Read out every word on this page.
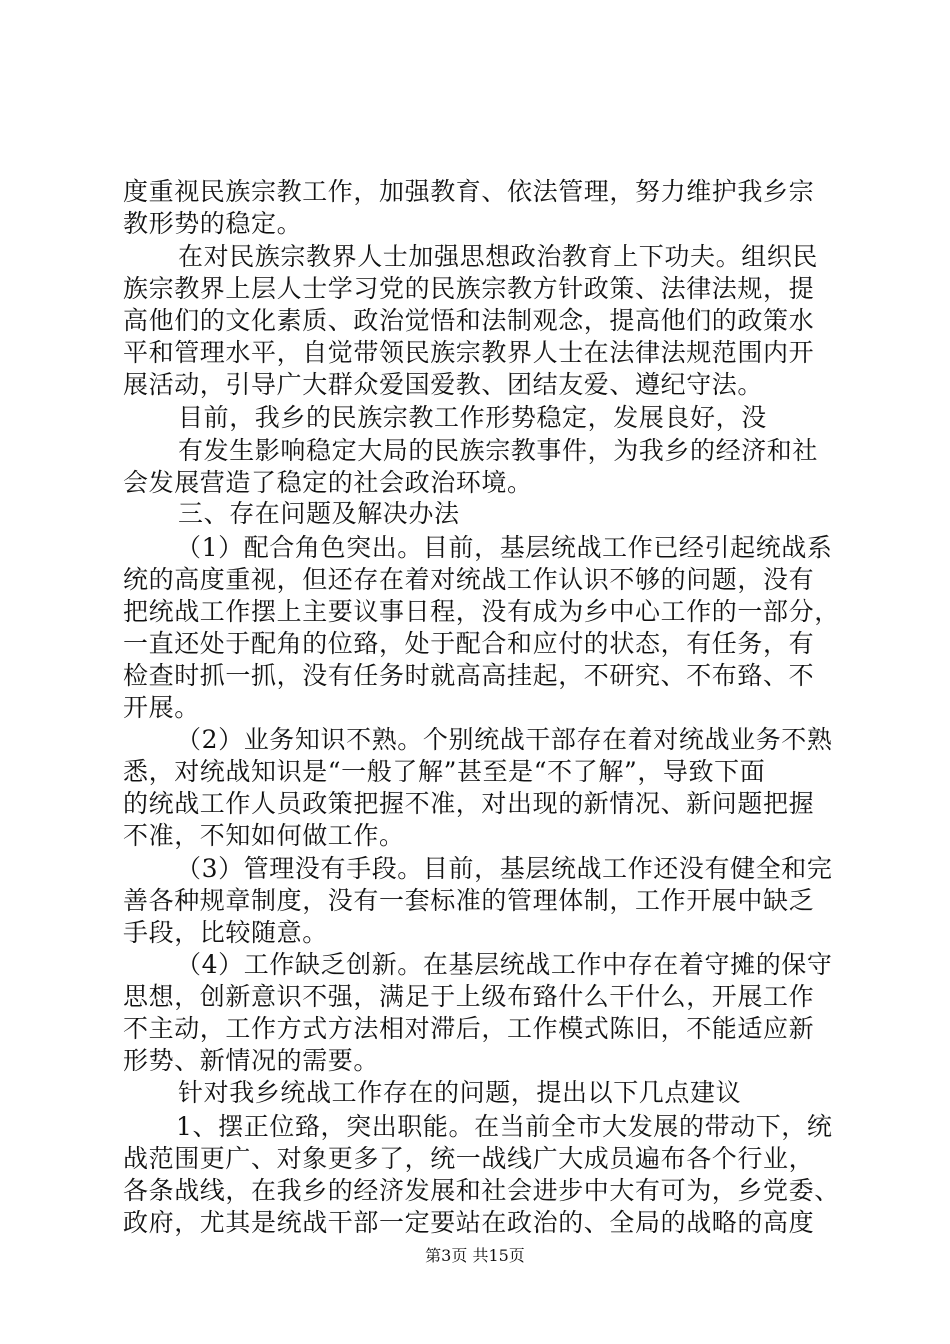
度重视民族宗教工作，加强教育、依法管理，努力维护我乡宗
教形势的稳定。
在对民族宗教界人士加强思想政治教育上下功夫。组织民
族宗教界上层人士学习党的民族宗教方针政策、法律法规，提
高他们的文化素质、政治觉悟和法制观念，提高他们的政策水
平和管理水平，自觉带领民族宗教界人士在法律法规范围内开
展活动，引导广大群众爱国爱教、团结友爱、遵纪守法。
目前，我乡的民族宗教工作形势稳定，发展良好，没
有发生影响稳定大局的民族宗教事件，为我乡的经济和社
会发展营造了稳定的社会政治环境。
三、存在问题及解决办法
（1）配合角色突出。目前，基层统战工作已经引起统战系
统的高度重视，但还存在着对统战工作认识不够的问题，没有
把统战工作摆上主要议事日程，没有成为乡中心工作的一部分，
一直还处于配角的位臵，处于配合和应付的状态，有任务，有
检查时抓一抓，没有任务时就高高挂起，不研究、不布臵、不
开展。
（2）业务知识不熟。个别统战干部存在着对统战业务不熟
悉，对统战知识是“一般了解”甚至是“不了解”，导致下面
的统战工作人员政策把握不准，对出现的新情况、新问题把握
不准，不知如何做工作。
（3）管理没有手段。目前，基层统战工作还没有健全和完
善各种规章制度，没有一套标准的管理体制，工作开展中缺乏
手段，比较随意。
（4）工作缺乏创新。在基层统战工作中存在着守摊的保守
思想，创新意识不强，满足于上级布臵什么干什么，开展工作
不主动，工作方式方法相对滞后，工作模式陈旧，不能适应新
形势、新情况的需要。
针对我乡统战工作存在的问题，提出以下几点建议
1、摆正位臵，突出职能。在当前全市大发展的带动下，统
战范围更广、对象更多了，统一战线广大成员遍布各个行业，
各条战线，在我乡的经济发展和社会进步中大有可为，乡党委、
政府，尤其是统战干部一定要站在政治的、全局的战略的高度
第3页 共15页
